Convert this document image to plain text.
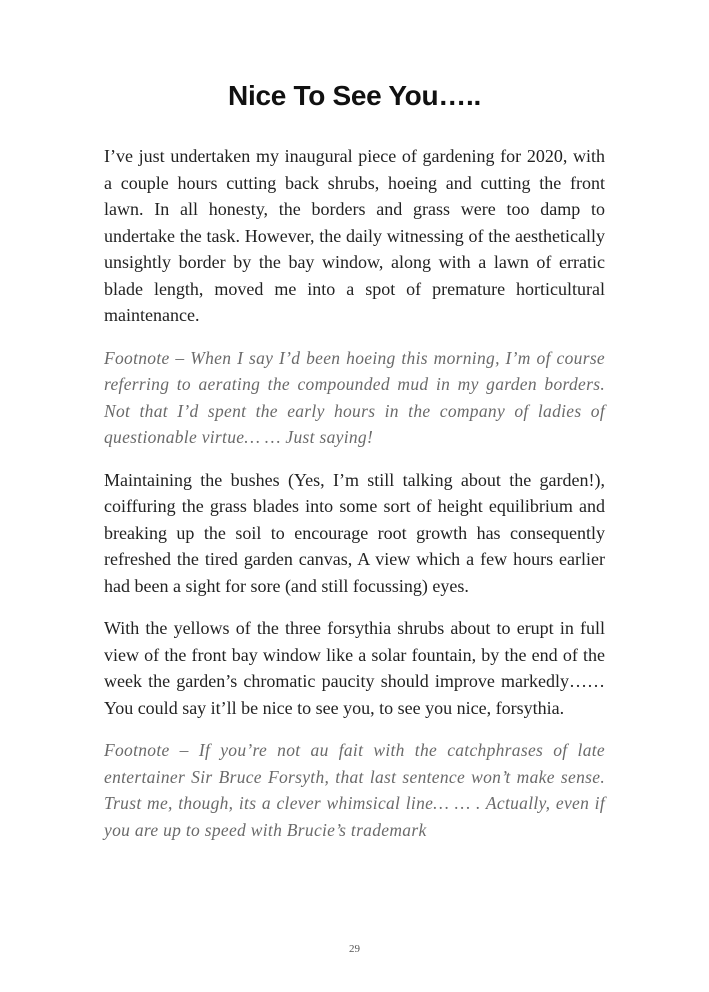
Nice To See You…..

I’ve just undertaken my inaugural piece of gardening for 2020, with a couple hours cutting back shrubs, hoeing and cutting the front lawn. In all honesty, the borders and grass were too damp to undertake the task. However, the daily witnessing of the aesthetically unsightly border by the bay window, along with a lawn of erratic blade length, moved me into a spot of premature horticultural maintenance.

Footnote – When I say I’d been hoeing this morning, I’m of course referring to aerating the compounded mud in my garden borders. Not that I’d spent the early hours in the company of ladies of questionable virtue… … Just saying!

Maintaining the bushes (Yes, I’m still talking about the garden!), coiffuring the grass blades into some sort of height equilibrium and breaking up the soil to encourage root growth has consequently refreshed the tired garden canvas, A view which a few hours earlier had been a sight for sore (and still focussing) eyes.

With the yellows of the three forsythia shrubs about to erupt in full view of the front bay window like a solar fountain, by the end of the week the garden’s chromatic paucity should improve markedly…… You could say it’ll be nice to see you, to see you nice, forsythia.

Footnote – If you’re not au fait with the catchphrases of late entertainer Sir Bruce Forsyth, that last sentence won’t make sense. Trust me, though, its a clever whimsical line… … . Actually, even if you are up to speed with Brucie’s trademark

29
